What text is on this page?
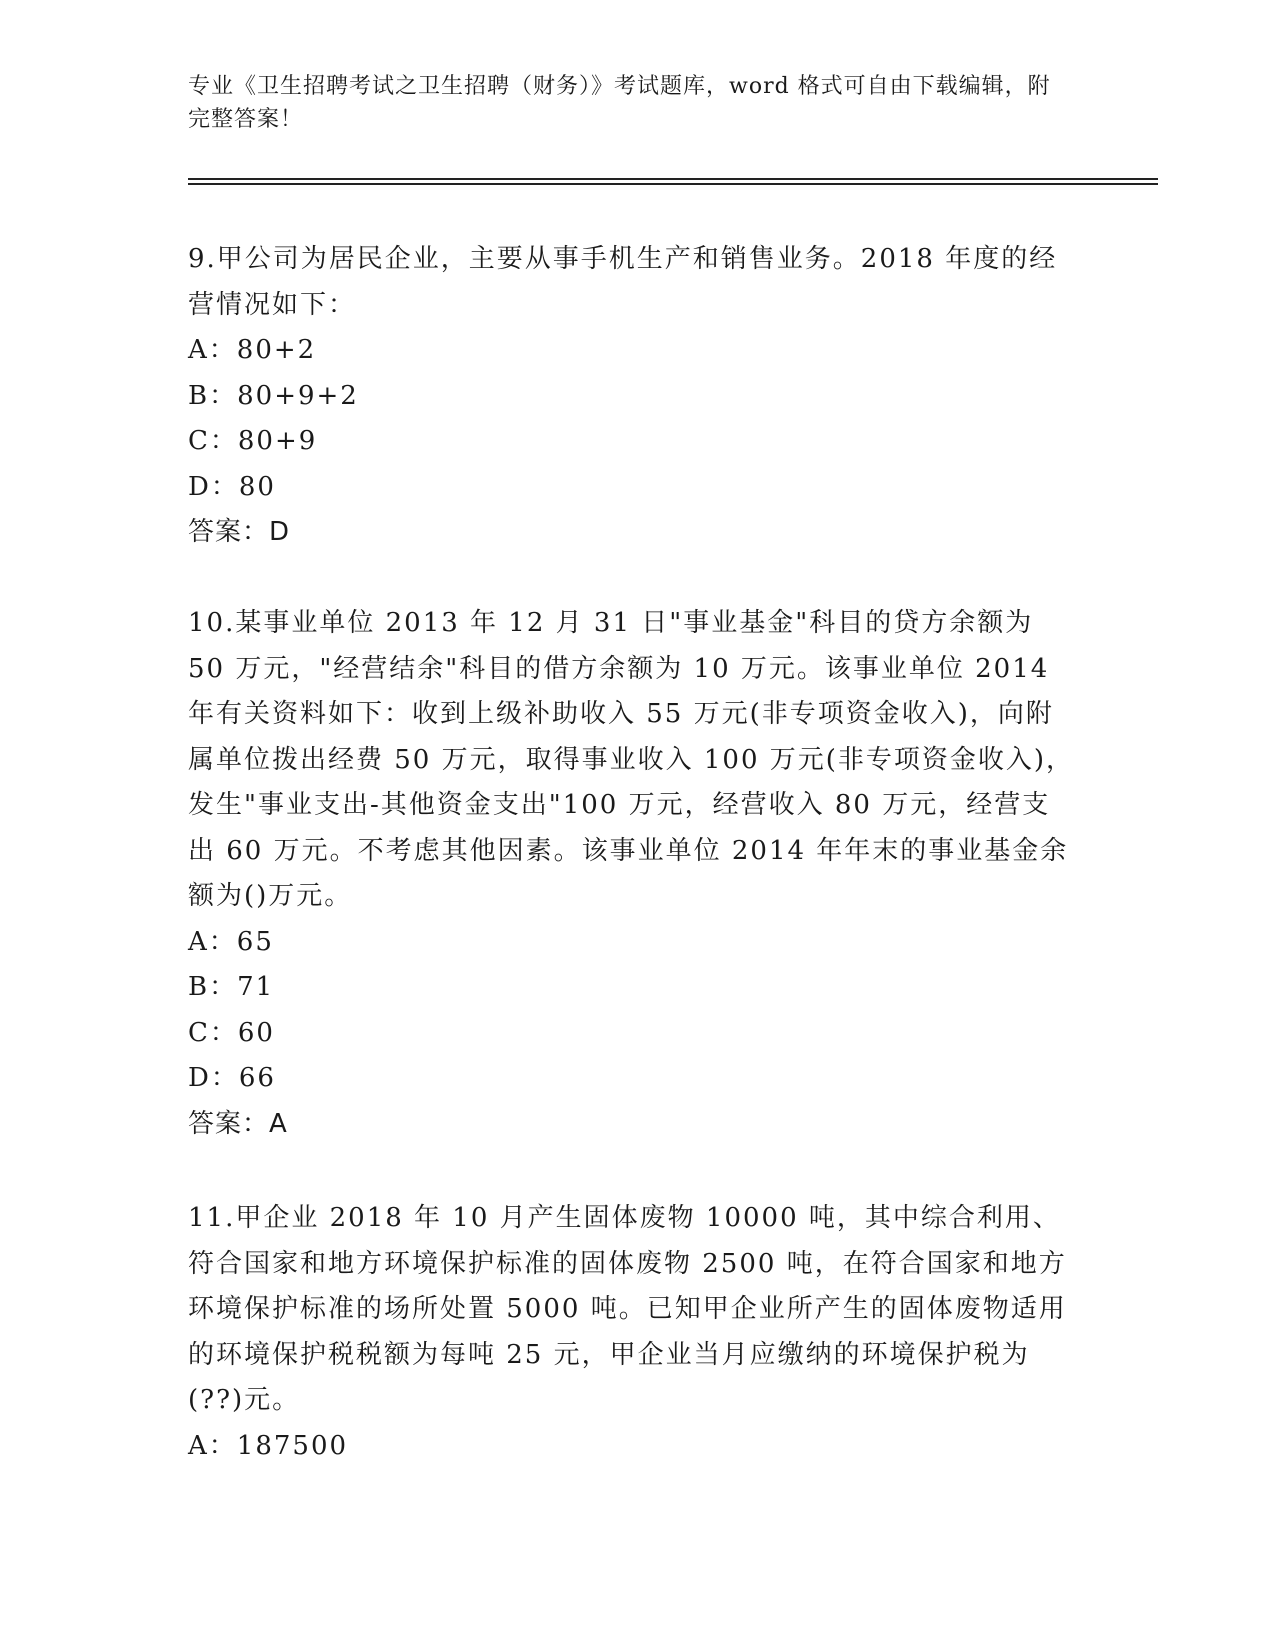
专业《卫生招聘考试之卫生招聘（财务）》考试题库，word 格式可自由下载编辑，附完整答案！

9.甲公司为居民企业，主要从事手机生产和销售业务。2018 年度的经营情况如下：

A：80+2

B：80+9+2

C：80+9

D：80

答案：D

10.某事业单位 2013 年 12 月 31 日"事业基金"科目的贷方余额为 50 万元，"经营结余"科目的借方余额为 10 万元。该事业单位 2014 年有关资料如下：收到上级补助收入 55 万元(非专项资金收入)，向附属单位拨出经费 50 万元，取得事业收入 100 万元(非专项资金收入)，发生"事业支出-其他资金支出"100 万元，经营收入 80 万元，经营支出 60 万元。不考虑其他因素。该事业单位 2014 年年末的事业基金余额为()万元。

A：65

B：71

C：60

D：66

答案：A

11.甲企业 2018 年 10 月产生固体废物 10000 吨，其中综合利用、符合国家和地方环境保护标准的固体废物 2500 吨，在符合国家和地方环境保护标准的场所处置 5000 吨。已知甲企业所产生的固体废物适用的环境保护税税额为每吨 25 元，甲企业当月应缴纳的环境保护税为(??)元。

A：187500
